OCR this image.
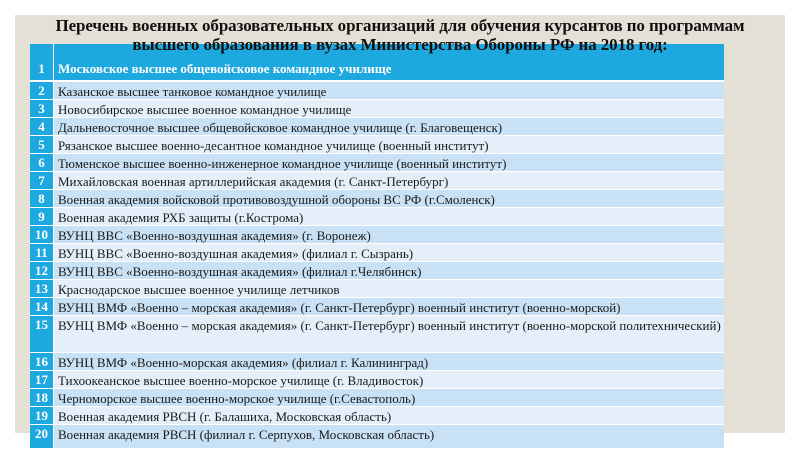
Перечень военных образовательных организаций для обучения курсантов по программам
высшего образования в вузах Министерства Обороны РФ на 2018 год:
1	Московское высшее общевойсковое командное училище
2	Казанское высшее танковое командное училище
3	Новосибирское высшее военное командное училище
4	Дальневосточное высшее общевойсковое командное училище (г. Благовещенск)
5	Рязанское высшее военно-десантное командное училище (военный институт)
6	Тюменское высшее военно-инженерное командное училище (военный институт)
7	Михайловская военная артиллерийская академия (г. Санкт-Петербург)
8	Военная академия войсковой противовоздушной обороны ВС РФ (г.Смоленск)
9	Военная академия РХБ защиты (г.Кострома)
10 ВУНЦ ВВС «Военно-воздушная академия» (г. Воронеж)
11 ВУНЦ ВВС «Военно-воздушная академия» (филиал г. Сызрань)
12 ВУНЦ ВВС «Военно-воздушная академия» (филиал г.Челябинск)
13 Краснодарское высшее военное училище летчиков
14 ВУНЦ ВМФ «Военно – морская академия» (г. Санкт-Петербург) военный институт (военно-морской)
15 ВУНЦ ВМФ «Военно – морская академия» (г. Санкт-Петербург) военный институт (военно-морской политехнический)
16 ВУНЦ ВМФ «Военно-морская академия» (филиал г. Калининград)
17 Тихоокеанское высшее военно-морское училище (г. Владивосток)
18 Черноморское высшее военно-морское училище (г.Севастополь)
19 Военная академия РВСН (г. Балашиха, Московская область)
20 Военная академия РВСН (филиал г. Серпухов, Московская область)
